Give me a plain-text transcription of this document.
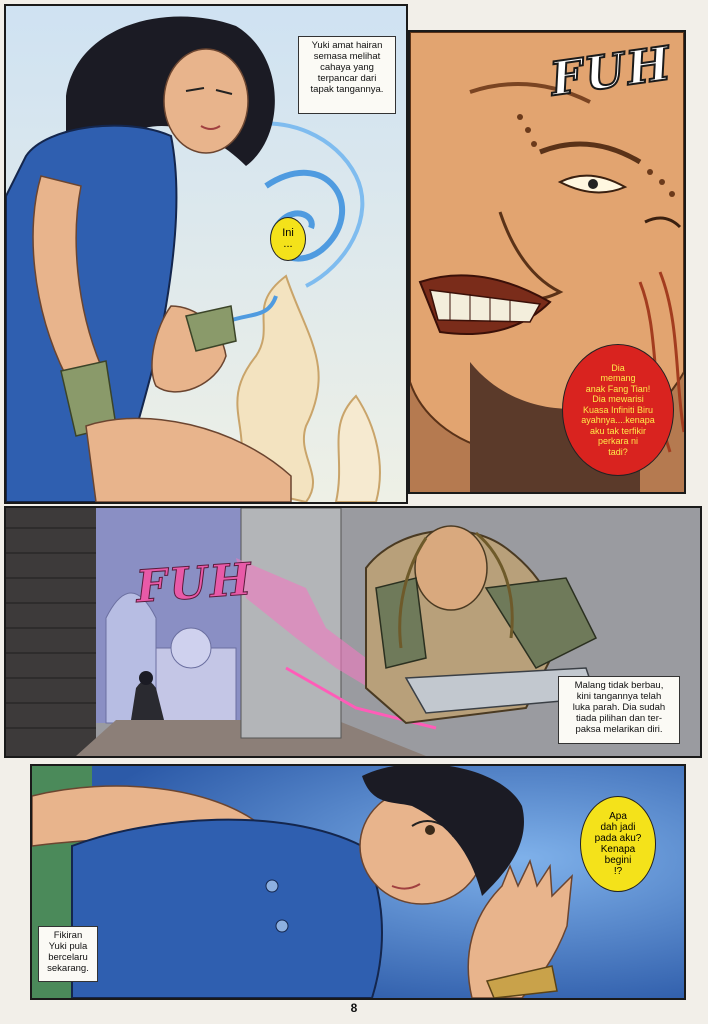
Yuki amat hairan
semasa melihat
cahaya yang
terpancar dari
tapak tangannya.
Ini
...
FUH
Dia
memang
anak Fang Tian!
Dia mewarisi
Kuasa Infiniti Biru
ayahnya....kenapa
aku tak terfikir
perkara ni
tadi?
FUH
Malang tidak berbau,
kini tangannya telah
luka parah. Dia sudah
tiada pilihan dan ter-
paksa melarikan diri.
Fikiran
Yuki pula
bercelaru
sekarang.
Apa
dah jadi
pada aku?
Kenapa
begini
!?
8
